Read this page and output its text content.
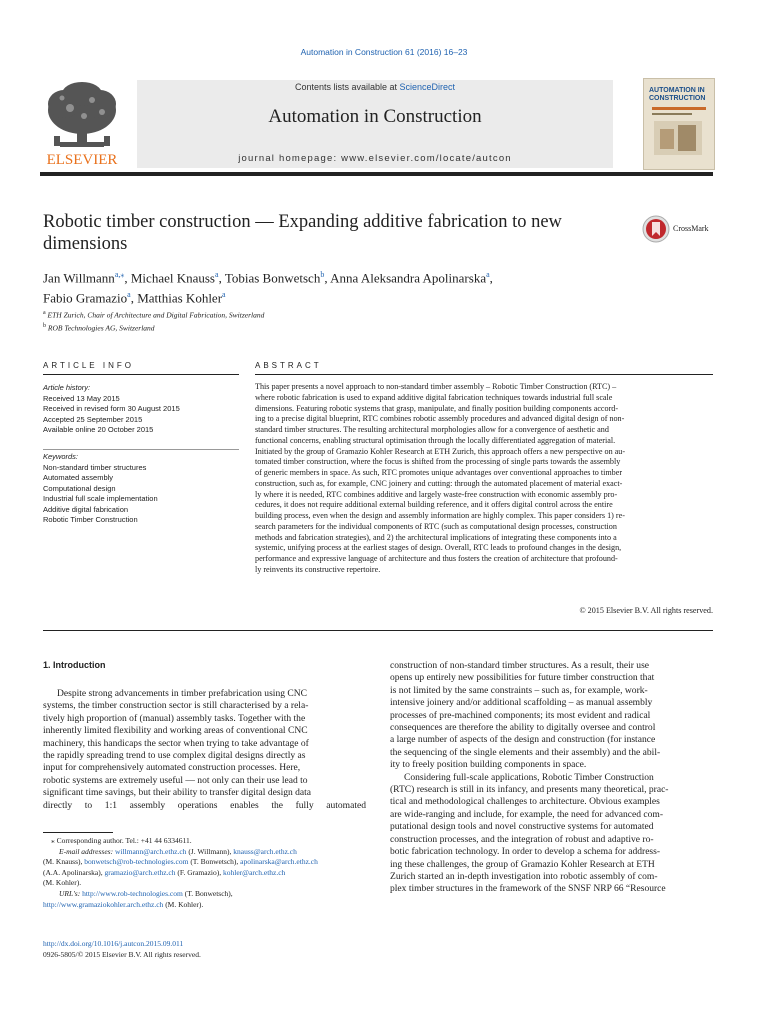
Automation in Construction 61 (2016) 16–23
ELSEVIER
Contents lists available at ScienceDirect
Automation in Construction
journal homepage: www.elsevier.com/locate/autcon
AUTOMATION IN CONSTRUCTION
Robotic timber construction — Expanding additive fabrication to new dimensions
CrossMark
Jan Willmann$^{a,⁎}$, Michael Knauss$^a$, Tobias Bonwetsch$^b$, Anna Aleksandra Apolinarska$^a$,
Fabio Gramazio$^a$, Matthias Kohler$^a$
$^a$ ETH Zurich, Chair of Architecture and Digital Fabrication, Switzerland
$^b$ ROB Technologies AG, Switzerland
ARTICLE INFO	ABSTRACT
Article history:
Received 13 May 2015
Received in revised form 30 August 2015
Accepted 25 September 2015
Available online 20 October 2015
Keywords:
Non-standard timber structures
Automated assembly
Computational design
Industrial full scale implementation
Additive digital fabrication
Robotic Timber Construction
This paper presents a novel approach to non-standard timber assembly – Robotic Timber Construction (RTC) –
where robotic fabrication is used to expand additive digital fabrication techniques towards industrial full scale
dimensions. Featuring robotic systems that grasp, manipulate, and finally position building components accord-
ing to a precise digital blueprint, RTC combines robotic assembly procedures and advanced digital design of non-
standard timber structures. The resulting architectural morphologies allow for a convergence of aesthetic and
functional concerns, enabling structural optimisation through the locally differentiated aggregation of material.
Initiated by the group of Gramazio Kohler Research at ETH Zurich, this approach offers a new perspective on au-
tomated timber construction, where the focus is shifted from the processing of single parts towards the assembly
of generic members in space. As such, RTC promotes unique advantages over conventional approaches to timber
construction, such as, for example, CNC joinery and cutting: through the automated placement of material exact-
ly where it is needed, RTC combines additive and largely waste-free construction with economic assembly pro-
cedures, it does not require additional external building reference, and it offers digital control across the entire
building process, even when the design and assembly information are highly complex. This paper considers 1) re-
search parameters for the individual components of RTC (such as computational design processes, construction
methods and fabrication strategies), and 2) the architectural implications of integrating these components into a
systemic, unifying process at the earliest stages of design. Overall, RTC leads to profound changes in the design,
performance and expressive language of architecture and thus fosters the creation of architecture that profound-
ly reinvents its constructive repertoire.
© 2015 Elsevier B.V. All rights reserved.
1. Introduction
Despite strong advancements in timber prefabrication using CNC
systems, the timber construction sector is still characterised by a rela-
tively high proportion of (manual) assembly tasks. Together with the
inherently limited flexibility and working areas of conventional CNC
machinery, this handicaps the sector when trying to take advantage of
the rapidly spreading trend to use complex digital designs directly as
input for comprehensively automated construction processes. Here,
robotic systems are extremely useful — not only can their use lead to
significant time savings, but their ability to transfer digital design data
directly to 1:1 assembly operations enables the fully automated
construction of non-standard timber structures. As a result, their use
opens up entirely new possibilities for future timber construction that
is not limited by the same constraints – such as, for example, work-
intensive joinery and/or additional scaffolding – as manual assembly
processes of pre-machined components; its most evident and radical
consequences are therefore the ability to digitally oversee and control
a large number of aspects of the design and construction (for instance
the sequencing of the single elements and their assembly) and the abil-
ity to freely position building components in space.
Considering full-scale applications, Robotic Timber Construction
(RTC) research is still in its infancy, and presents many theoretical, prac-
tical and methodological challenges to architecture. Obvious examples
are wide-ranging and include, for example, the need for advanced com-
putational design tools and novel constructive systems for automated
construction processes, and the integration of robust and adaptive ro-
botic fabrication technology. In order to develop a schema for address-
ing these challenges, the group of Gramazio Kohler Research at ETH
Zurich started an in-depth investigation into robotic assembly of com-
plex timber structures in the framework of the SNSF NRP 66 “Resource
⁎ Corresponding author. Tel.: +41 44 6334611.
E-mail addresses: willmann@arch.ethz.ch (J. Willmann), knauss@arch.ethz.ch
(M. Knauss), bonwetsch@rob-technologies.com (T. Bonwetsch), apolinarska@arch.ethz.ch
(A.A. Apolinarska), gramazio@arch.ethz.ch (F. Gramazio), kohler@arch.ethz.ch
(M. Kohler).
URL's: http://www.rob-technologies.com (T. Bonwetsch),
http://www.gramaziokohler.arch.ethz.ch (M. Kohler).
http://dx.doi.org/10.1016/j.autcon.2015.09.011
0926-5805/© 2015 Elsevier B.V. All rights reserved.
